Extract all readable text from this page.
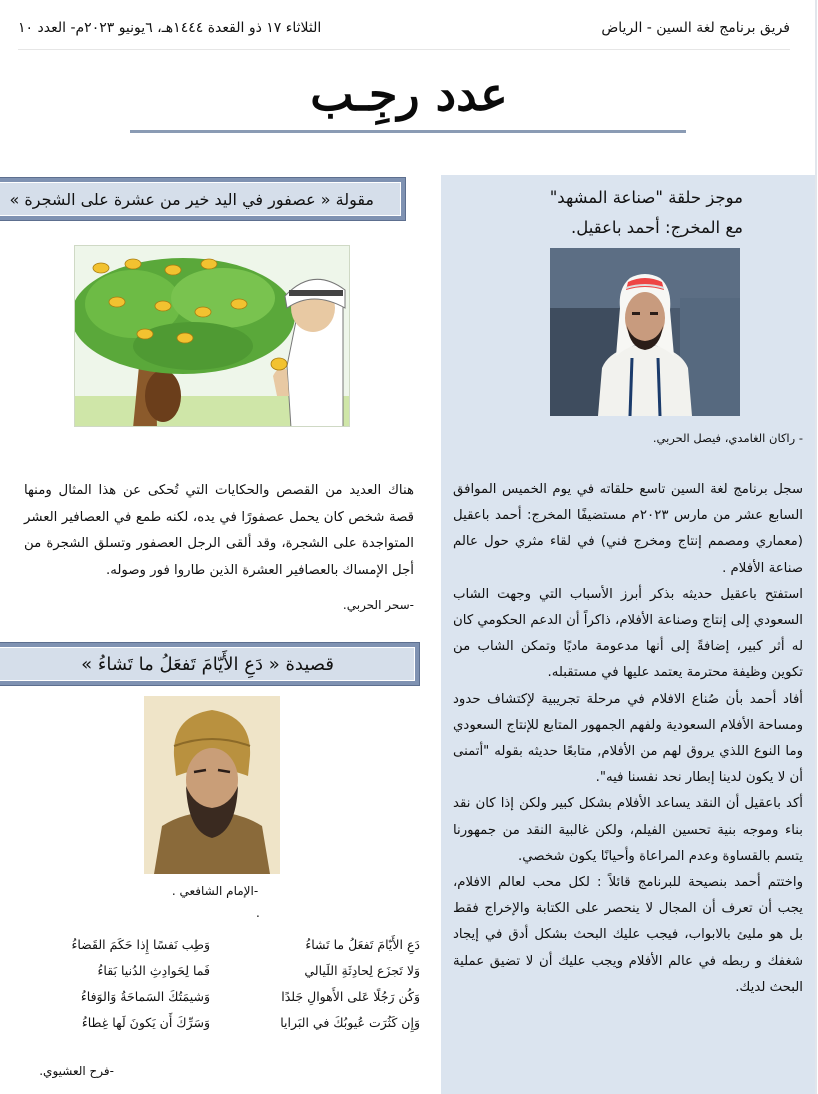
فريق برنامج لغة السين - الرياض
الثلاثاء ١٧ ذو القعدة ١٤٤٤هـ، ٦يونيو ٢٠٢٣م- العدد ١٠
عدد رجِـب
موجز حلقة "صناعة المشهد"
مع المخرج: أحمد باعقيل.
- راكان الغامدي، فيصل الحربي.

سجل برنامج لغة السين تاسع حلقاته في يوم الخميس الموافق السابع عشر من مارس ٢٠٢٣م مستضيفًا المخرج: أحمد باعقيل (معماري ومصمم إنتاج ومخرج فني) في لقاء مثري حول عالم صناعة الأفلام .

استفتح باعقيل حديثه بذكر أبرز الأسباب التي وجهت الشاب السعودي إلى إنتاج وصناعة الأفلام، ذاكراً أن الدعم الحكومي كان له أثر كبير، إضافةً إلى أنها مدعومة ماديًا وتمكن الشاب من تكوين وظيفة محترمة يعتمد عليها في مستقبله.

أفاد أحمد بأن صُناع الافلام في مرحلة تجريبية لإكتشاف حدود ومساحة الأفلام السعودية ولفهم الجمهور المتابع للإنتاج السعودي وما النوع اللذي يروق لهم من الأفلام, متابعًا حديثه بقوله "أتمنى أن لا يكون لدينا إبطار نحد نفسنا فيه".

أكد باعقيل أن النقد يساعد الأفلام بشكل كبير ولكن إذا كان نقد بناء وموجه بنية تحسين الفيلم، ولكن غالبية النقد من جمهورنا يتسم بالقساوة وعدم المراعاة وأحيانًا يكون شخصي.

واختتم أحمد بنصيحة للبرنامج قائلاً : لكل محب لعالم الافلام، يجب أن تعرف أن المجال لا ينحصر على الكتابة والإخراج فقط بل هو مليئ بالابواب، فيجب عليك البحث بشكل أدق في إيجاد شغفك و ربطه في عالم الأفلام ويجب عليك أن لا تضيق عملية البحث لديك.

مقولة « عصفور في اليد خير من عشرة على الشجرة »
هناك العديد من القصص والحكايات التي تُحكى عن هذا المثال ومنها قصة شخص كان يحمل عصفورًا في يده، لكنه طمع في العصافير العشر المتواجدة على الشجرة، وقد ألقى الرجل العصفور وتسلق الشجرة من أجل الإمساك بالعصافير العشرة الذين طاروا فور وصوله.
-سحر الحربي.
قصيدة « دَعِ الأَيّامَ تَفعَلُ ما تَشاءُ »
-الإمام الشافعي .
.
دَعِ الأَيّامَ تَفعَلُ ما تَشاءُ
وَطِب نَفسًا إِذا حَكَمَ القَضاءُ
وَلا تَجزَع لِحادِثَةِ اللَيالي
فَما لِحَوادِثِ الدُنيا بَقاءُ
وَكُن رَجُلًا عَلى الأَهوالِ جَلدًا
وَشيمَتُكَ السَماحَةُ وَالوَفاءُ
وَإِن كَثُرَت عُيوبُكَ في البَرايا
وَسَرِّكَ أَن يَكونَ لَها غِطاءُ
-فرح العشيوي.
